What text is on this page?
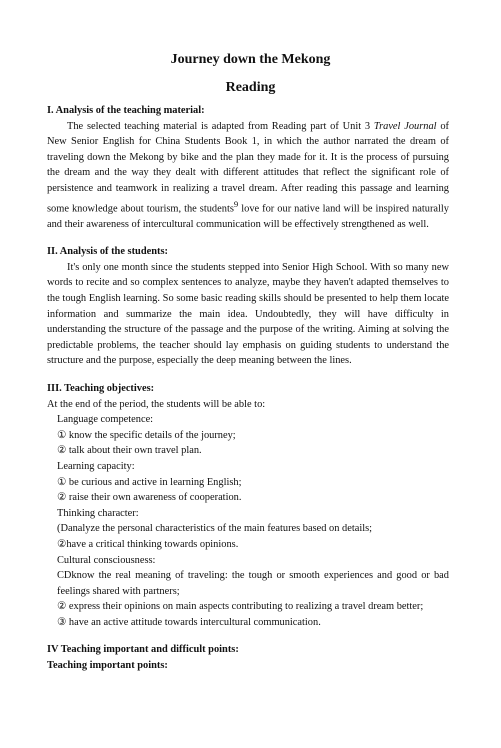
Journey down the Mekong
Reading

I. Analysis of the teaching material:

The selected teaching material is adapted from Reading part of Unit 3 Travel Journal of New Senior English for China Students Book 1, in which the author narrated the dream of traveling down the Mekong by bike and the plan they made for it. It is the process of pursuing the dream and the way they dealt with different attitudes that reflect the significant role of persistence and teamwork in realizing a travel dream. After reading this passage and learning some knowledge about tourism, the students$^9$ love for our native land will be inspired naturally and their awareness of intercultural communication will be effectively strengthened as well.

II. Analysis of the students:

It's only one month since the students stepped into Senior High School. With so many new words to recite and so complex sentences to analyze, maybe they haven't adapted themselves to the tough English learning. So some basic reading skills should be presented to help them locate information and summarize the main idea. Undoubtedly, they will have difficulty in understanding the structure of the passage and the purpose of the writing. Aiming at solving the predictable problems, the teacher should lay emphasis on guiding students to understand the structure and the purpose, especially the deep meaning between the lines.

III. Teaching objectives:

At the end of the period, the students will be able to:

Language competence:

① know the specific details of the journey;

② talk about their own travel plan.

Learning capacity:

① be curious and active in learning English;

② raise their own awareness of cooperation.

Thinking character:

(Danalyze the personal characteristics of the main features based on details;

②have a critical thinking towards opinions.

Cultural consciousness:

CDknow the real meaning of traveling: the tough or smooth experiences and good or bad feelings shared with partners;

② express their opinions on main aspects contributing to realizing a travel dream better;

③ have an active attitude towards intercultural communication.

IV Teaching important and difficult points:

Teaching important points:
